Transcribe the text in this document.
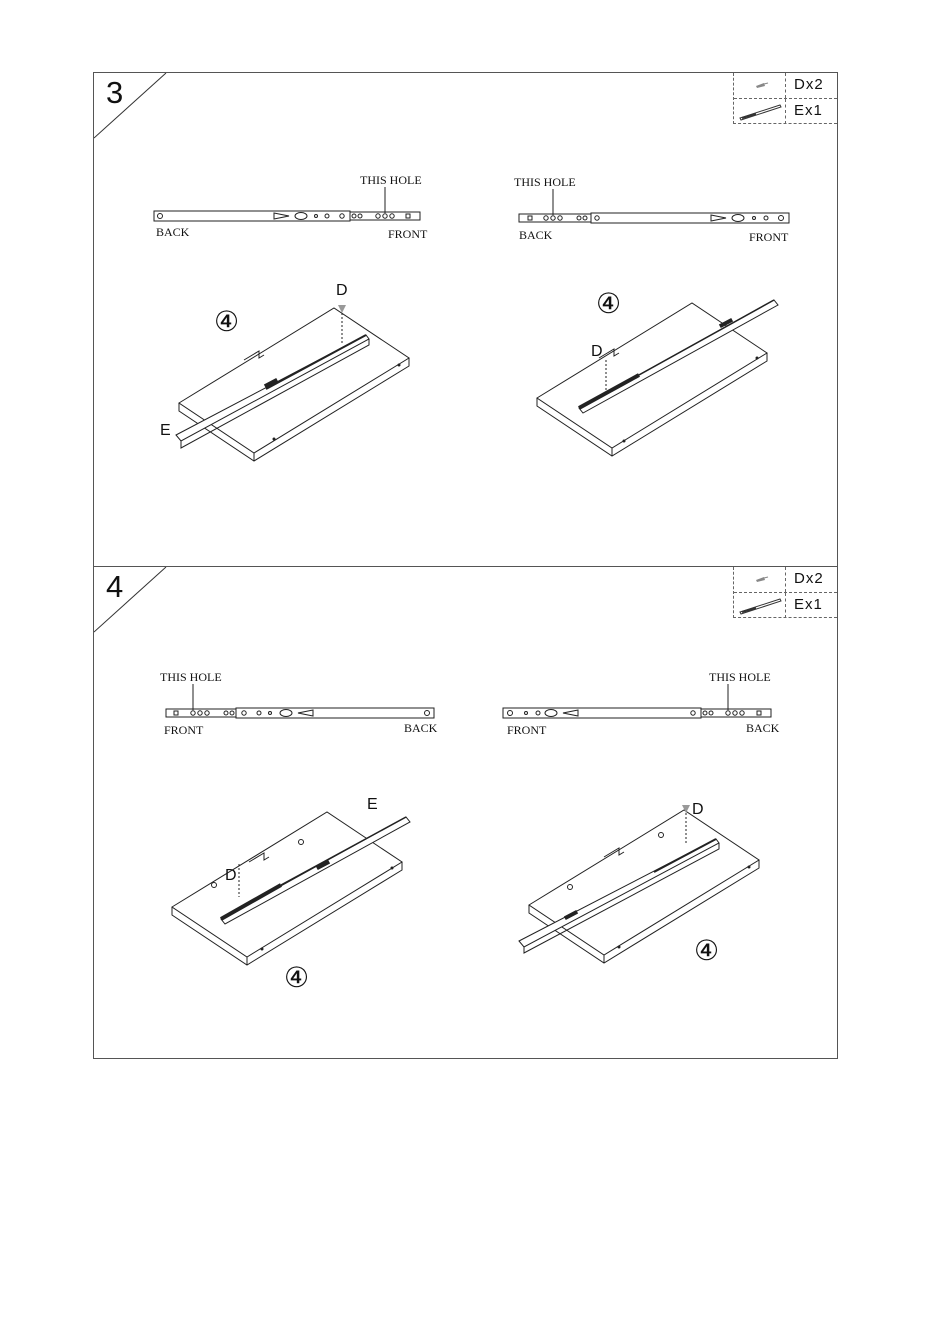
THIS HOLE
BACK	FRONT
THIS HOLE
BACK	FRONT
④
D
E
④
D
3	Dx2
Ex1
THIS HOLE
FRONT	BACK
THIS HOLE
FRONT	BACK
④
E
D
④
D
4	Dx2
Ex1
